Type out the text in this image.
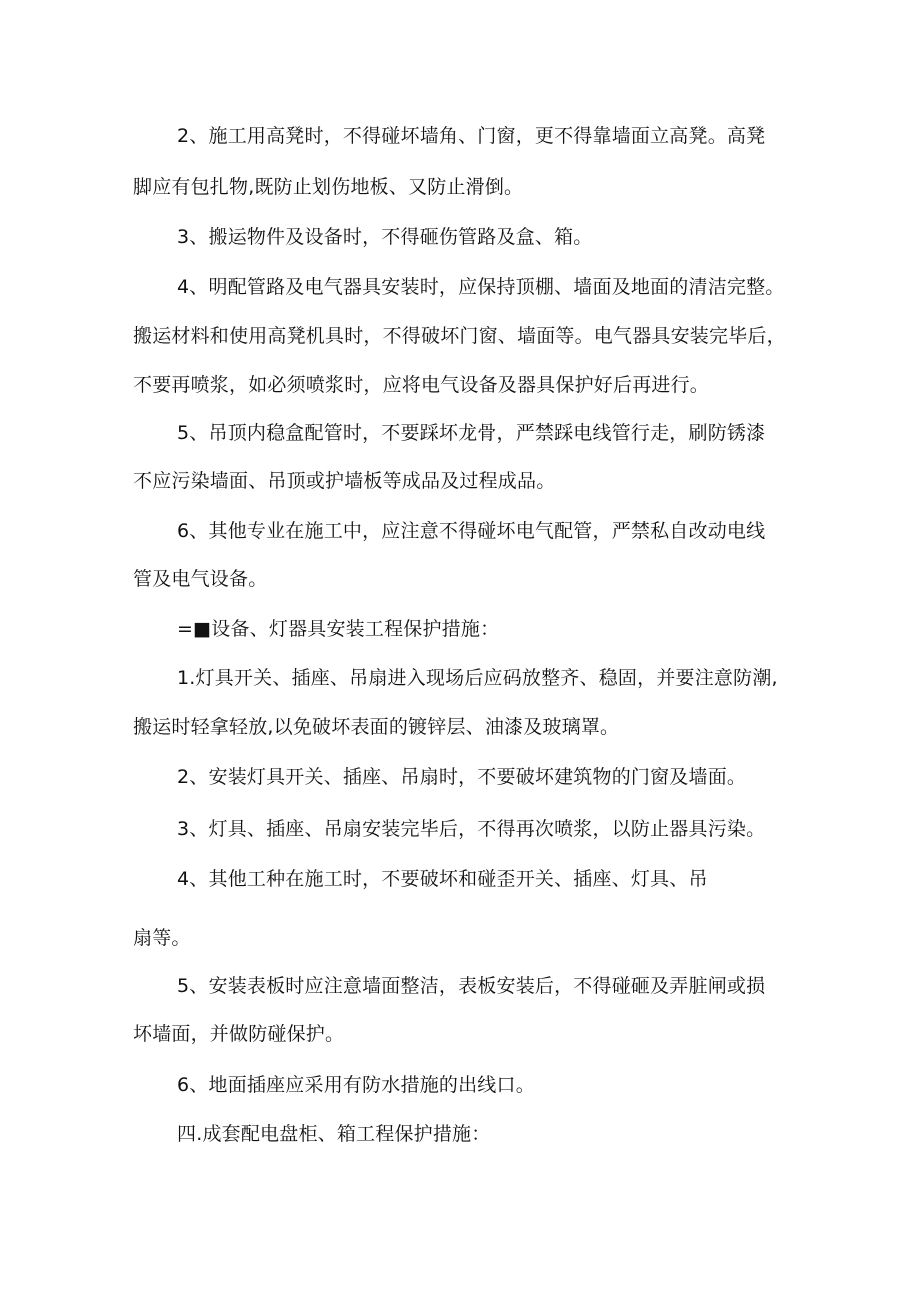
2、施工用高凳时，不得碰坏墙角、门窗，更不得靠墙面立高凳。高凳
脚应有包扎物,既防止划伤地板、又防止滑倒。
3、搬运物件及设备时，不得砸伤管路及盒、箱。
4、明配管路及电气器具安装时，应保持顶棚、墙面及地面的清洁完整。
搬运材料和使用高凳机具时，不得破坏门窗、墙面等。电气器具安装完毕后，
不要再喷浆，如必须喷浆时，应将电气设备及器具保护好后再进行。
5、吊顶内稳盒配管时，不要踩坏龙骨，严禁踩电线管行走，刷防锈漆
不应污染墙面、吊顶或护墙板等成品及过程成品。
6、其他专业在施工中，应注意不得碰坏电气配管，严禁私自改动电线
管及电气设备。
=■设备、灯器具安装工程保护措施：
1.灯具开关、插座、吊扇进入现场后应码放整齐、稳固，并要注意防潮,
搬运时轻拿轻放,以免破坏表面的镀锌层、油漆及玻璃罩。
2、安装灯具开关、插座、吊扇时，不要破坏建筑物的门窗及墙面。
3、灯具、插座、吊扇安装完毕后，不得再次喷浆，以防止器具污染。
4、其他工种在施工时，不要破坏和碰歪开关、插座、灯具、吊
扇等。
5、安装表板时应注意墙面整洁，表板安装后，不得碰砸及弄脏闸或损
坏墙面，并做防碰保护。
6、地面插座应采用有防水措施的出线口。
四.成套配电盘柜、箱工程保护措施：
